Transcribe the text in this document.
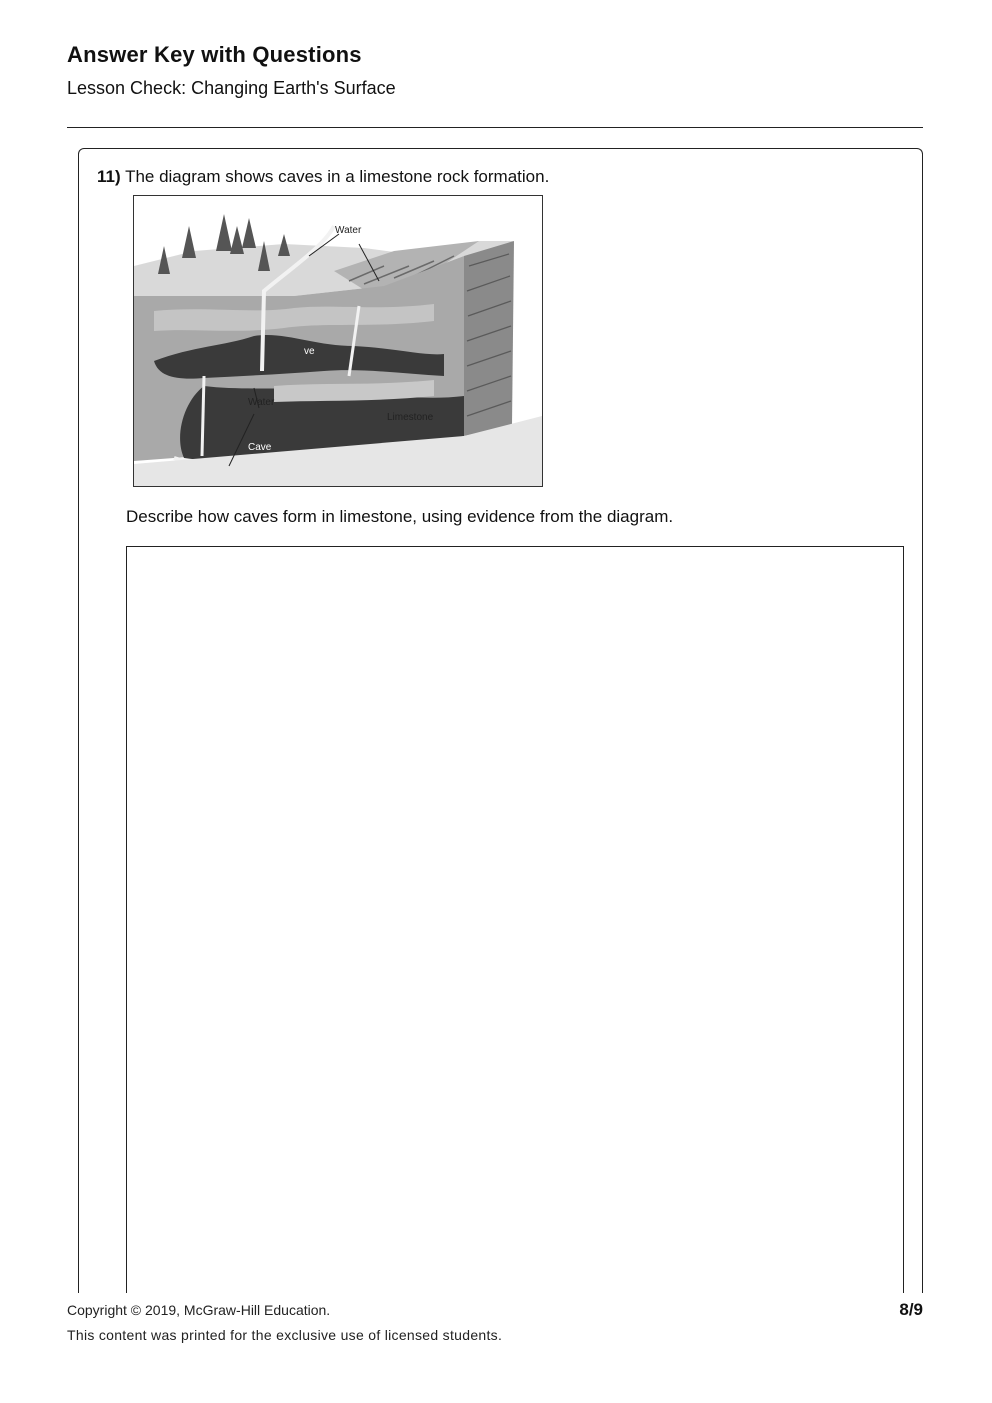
Answer Key with Questions
Lesson Check: Changing Earth's Surface
11) The diagram shows caves in a limestone rock formation.
Water
ve
Water
Limestone
Cave
Describe how caves form in limestone, using evidence from the diagram.
Copyright © 2019, McGraw-Hill Education.
This content was printed for the exclusive use of licensed students.
8/9
